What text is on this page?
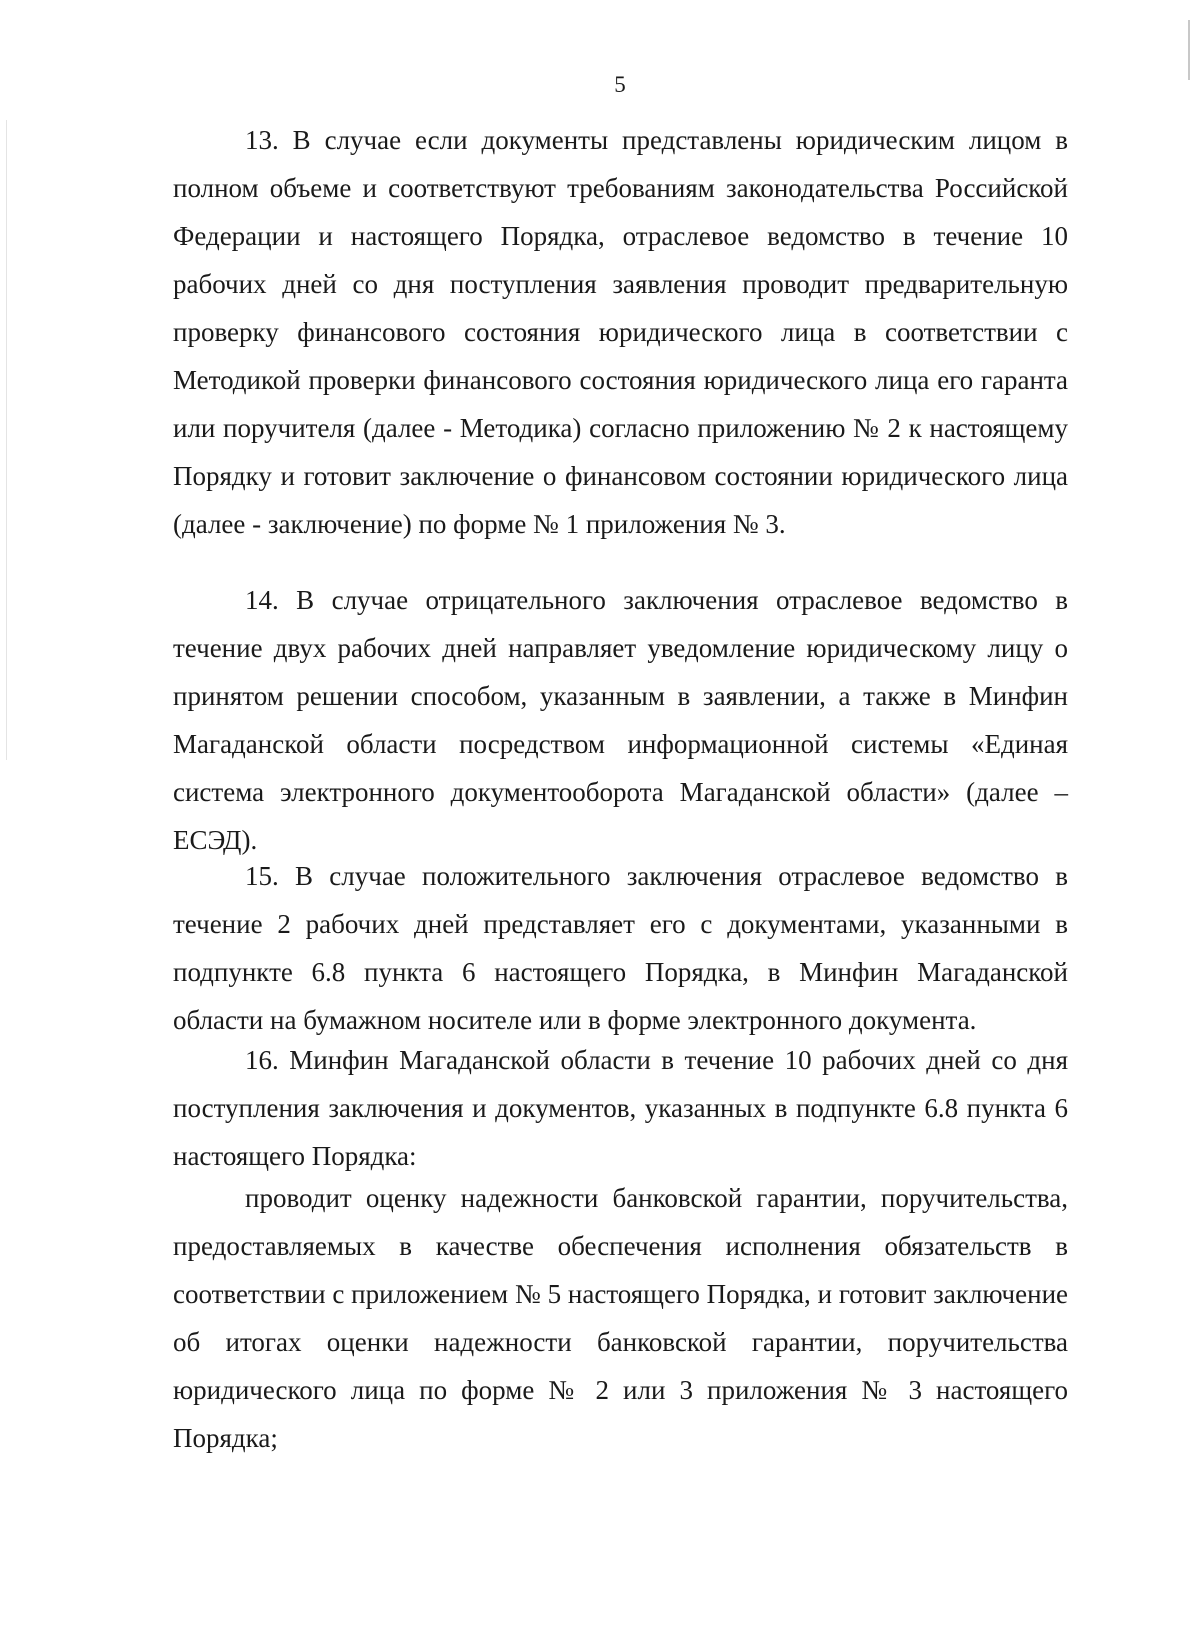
5
13. В случае если документы представлены юридическим лицом в полном объеме и соответствуют требованиям законодательства Российской Федерации и настоящего Порядка, отраслевое ведомство в течение 10 рабочих дней со дня поступления заявления проводит предварительную проверку финансового состояния юридического лица в соответствии с Методикой проверки финансового состояния юридического лица его гаранта или поручителя (далее - Методика) согласно приложению № 2 к настоящему Порядку и готовит заключение о финансовом состоянии юридического лица (далее - заключение) по форме № 1 приложения № 3.
14. В случае отрицательного заключения отраслевое ведомство в течение двух рабочих дней направляет уведомление юридическому лицу о принятом решении способом, указанным в заявлении, а также в Минфин Магаданской области посредством информационной системы «Единая система электронного документооборота Магаданской области» (далее – ЕСЭД).
15. В случае положительного заключения отраслевое ведомство в течение 2 рабочих дней представляет его с документами, указанными в подпункте 6.8 пункта 6 настоящего Порядка, в Минфин Магаданской области на бумажном носителе или в форме электронного документа.
16. Минфин Магаданской области в течение 10 рабочих дней со дня поступления заключения и документов, указанных в подпункте 6.8 пункта 6 настоящего Порядка:
проводит оценку надежности банковской гарантии, поручительства, предоставляемых в качестве обеспечения исполнения обязательств в соответствии с приложением № 5 настоящего Порядка, и готовит заключение об итогах оценки надежности банковской гарантии, поручительства юридического лица по форме № 2 или 3 приложения № 3 настоящего Порядка;
